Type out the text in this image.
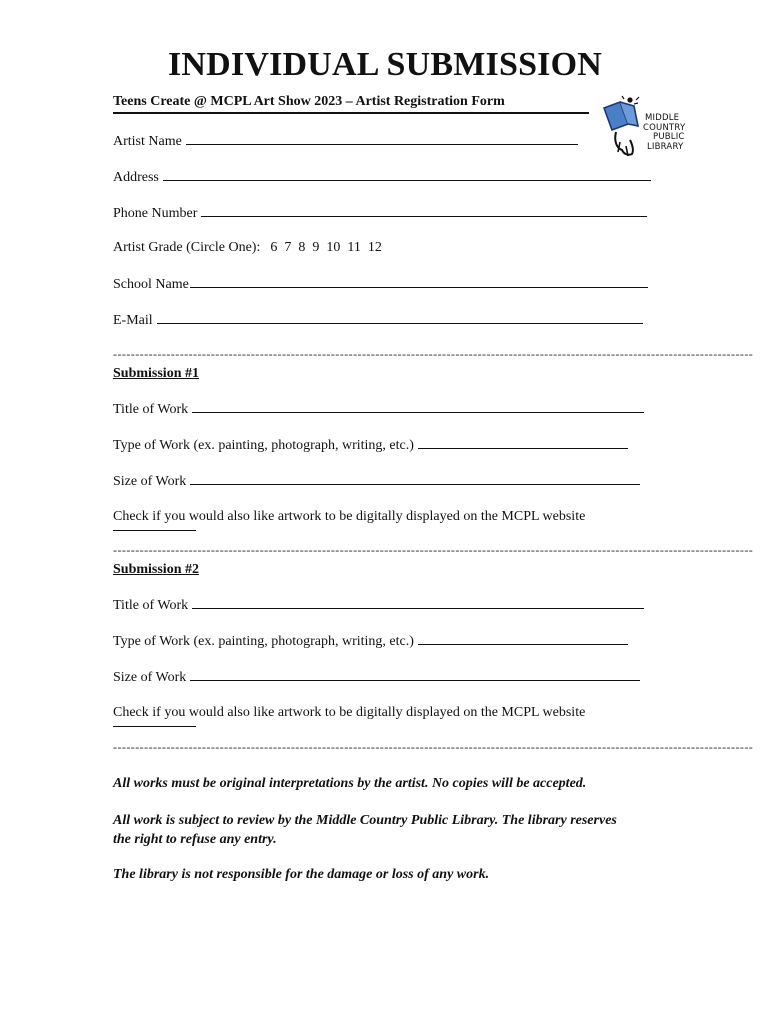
INDIVIDUAL SUBMISSION
Teens Create @ MCPL Art Show 2023 – Artist Registration Form
MIDDLE
COUNTRY
PUBLIC
LIBRARY
Artist Name
Address
Phone Number
Artist Grade (Circle One): 6  7  8  9  10  11  12
School Name
E-Mail
------------------------------------------------------------------------------------------------------------------------------------------------
Submission #1
Title of Work
Type of Work (ex. painting, photograph, writing, etc.)
Size of Work
Check if you would also like artwork to be digitally displayed on the MCPL website
------------------------------------------------------------------------------------------------------------------------------------------------
Submission #2
Title of Work
Type of Work (ex. painting, photograph, writing, etc.)
Size of Work
Check if you would also like artwork to be digitally displayed on the MCPL website
------------------------------------------------------------------------------------------------------------------------------------------------
All works must be original interpretations by the artist. No copies will be accepted.
All work is subject to review by the Middle Country Public Library. The library reserves the right to refuse any entry.
The library is not responsible for the damage or loss of any work.
